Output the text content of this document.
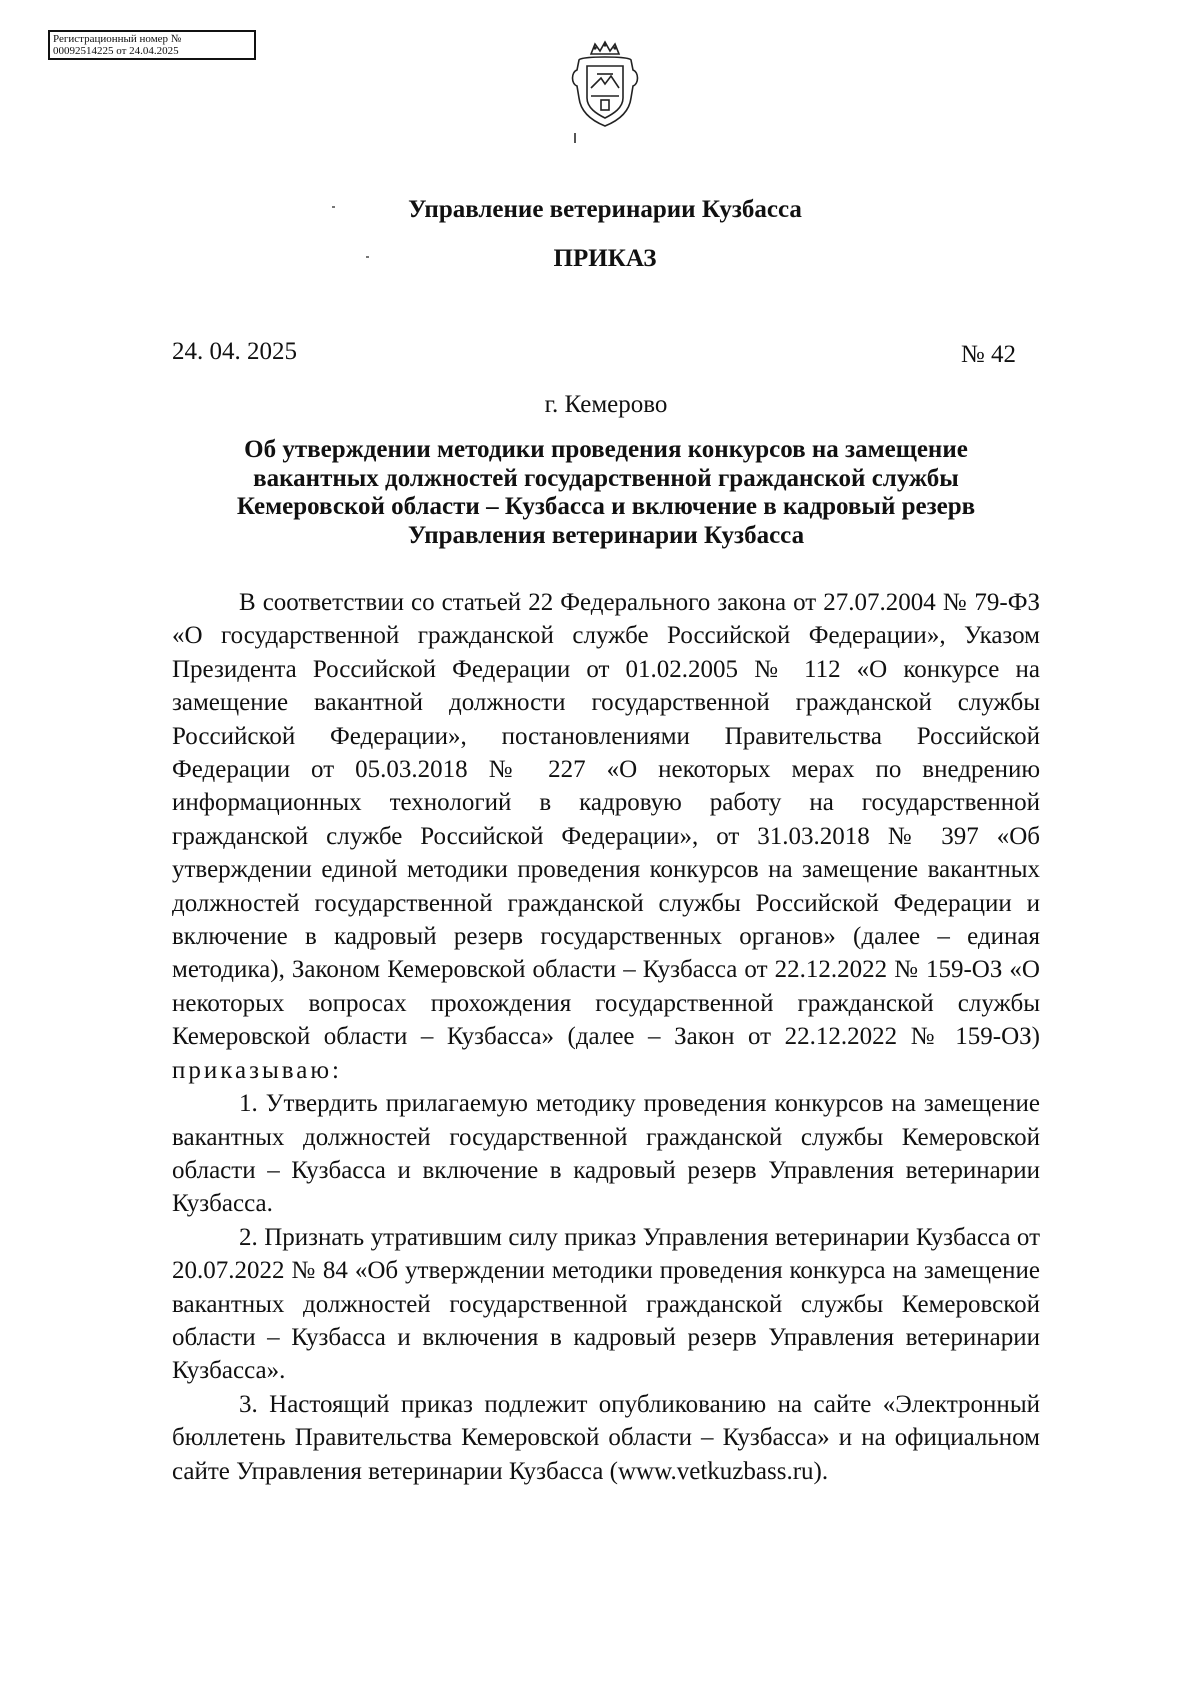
Регистрационный номер №
00092514225 от 24.04.2025
Управление ветеринарии Кузбасса
ПРИКАЗ
24. 04. 2025	№ 42
г. Кемерово
Об утверждении методики проведения конкурсов на замещение
вакантных должностей государственной гражданской службы
Кемеровской области – Кузбасса и включение в кадровый резерв
Управления ветеринарии Кузбасса

В соответствии со статьей 22 Федерального закона от 27.07.2004 № 79-ФЗ «О государственной гражданской службе Российской Федерации», Указом Президента Российской Федерации от 01.02.2005 № 112 «О конкурсе на замещение вакантной должности государственной гражданской службы Российской Федерации», постановлениями Правительства Российской Федерации от 05.03.2018 № 227 «О некоторых мерах по внедрению информационных технологий в кадровую работу на государственной гражданской службе Российской Федерации», от 31.03.2018 № 397 «Об утверждении единой методики проведения конкурсов на замещение вакантных должностей государственной гражданской службы Российской Федерации и включение в кадровый резерв государственных органов» (далее – единая методика), Законом Кемеровской области – Кузбасса от 22.12.2022 № 159-ОЗ «О некоторых вопросах прохождения государственной гражданской службы Кемеровской области – Кузбасса» (далее – Закон от 22.12.2022 № 159-ОЗ) приказываю:

1. Утвердить прилагаемую методику проведения конкурсов на замещение вакантных должностей государственной гражданской службы Кемеровской области – Кузбасса и включение в кадровый резерв Управления ветеринарии Кузбасса.

2. Признать утратившим силу приказ Управления ветеринарии Кузбасса от 20.07.2022 № 84 «Об утверждении методики проведения конкурса на замещение вакантных должностей государственной гражданской службы Кемеровской области – Кузбасса и включения в кадровый резерв Управления ветеринарии Кузбасса».

3. Настоящий приказ подлежит опубликованию на сайте «Электронный бюллетень Правительства Кемеровской области – Кузбасса» и на официальном сайте Управления ветеринарии Кузбасса (www.vetkuzbass.ru).
